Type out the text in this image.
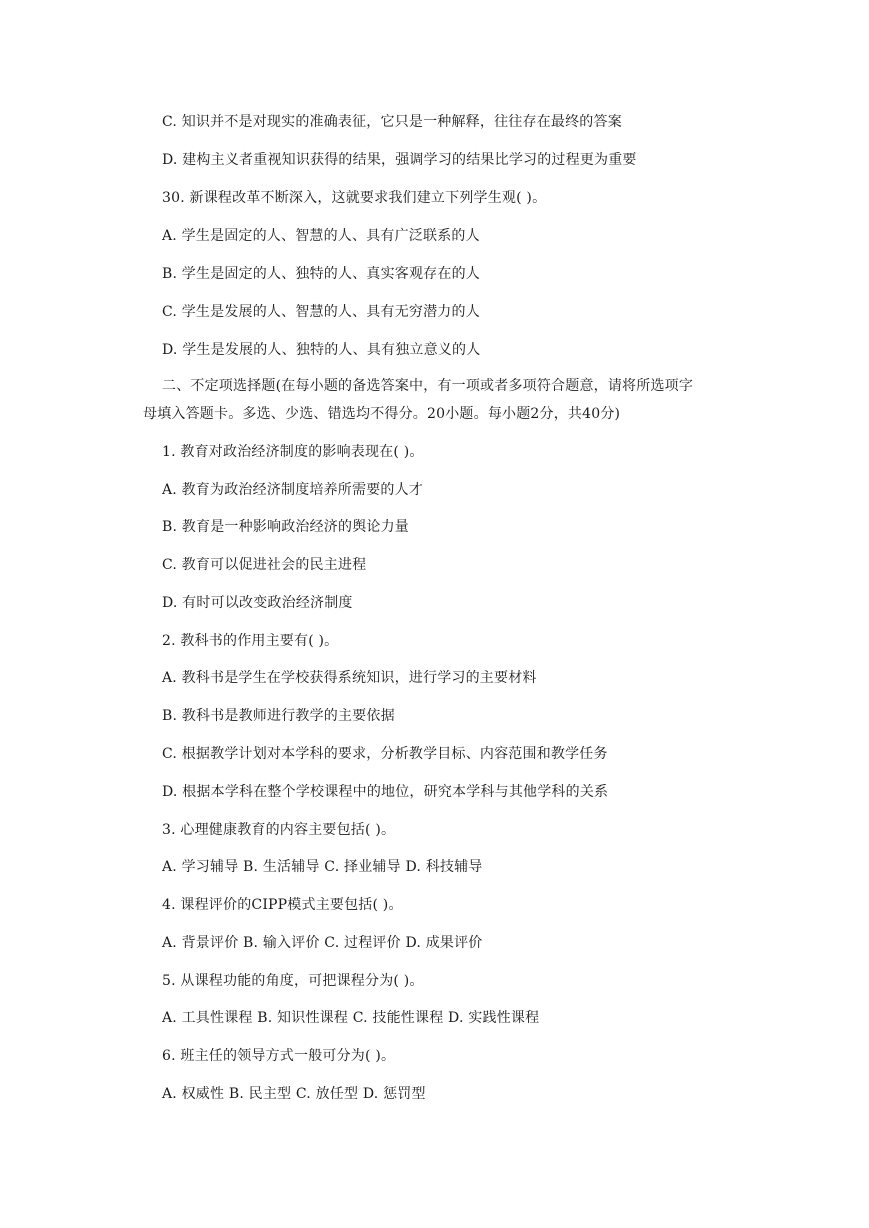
C. 知识并不是对现实的准确表征，它只是一种解释，往往存在最终的答案
D. 建构主义者重视知识获得的结果，强调学习的结果比学习的过程更为重要
30. 新课程改革不断深入，这就要求我们建立下列学生观( )。
A. 学生是固定的人、智慧的人、具有广泛联系的人
B. 学生是固定的人、独特的人、真实客观存在的人
C. 学生是发展的人、智慧的人、具有无穷潜力的人
D. 学生是发展的人、独特的人、具有独立意义的人
二、不定项选择题(在每小题的备选答案中，有一项或者多项符合题意，请将所选项字
母填入答题卡。多选、少选、错选均不得分。20小题。每小题2分，共40分)
1. 教育对政治经济制度的影响表现在( )。
A. 教育为政治经济制度培养所需要的人才
B. 教育是一种影响政治经济的舆论力量
C. 教育可以促进社会的民主进程
D. 有时可以改变政治经济制度
2. 教科书的作用主要有( )。
A. 教科书是学生在学校获得系统知识，进行学习的主要材料
B. 教科书是教师进行教学的主要依据
C. 根据教学计划对本学科的要求，分析教学目标、内容范围和教学任务
D. 根据本学科在整个学校课程中的地位，研究本学科与其他学科的关系
3. 心理健康教育的内容主要包括( )。
A. 学习辅导 B. 生活辅导 C. 择业辅导 D. 科技辅导
4. 课程评价的CIPP模式主要包括( )。
A. 背景评价 B. 输入评价 C. 过程评价 D. 成果评价
5. 从课程功能的角度，可把课程分为( )。
A. 工具性课程 B. 知识性课程 C. 技能性课程 D. 实践性课程
6. 班主任的领导方式一般可分为( )。
A. 权威性 B. 民主型 C. 放任型 D. 惩罚型
